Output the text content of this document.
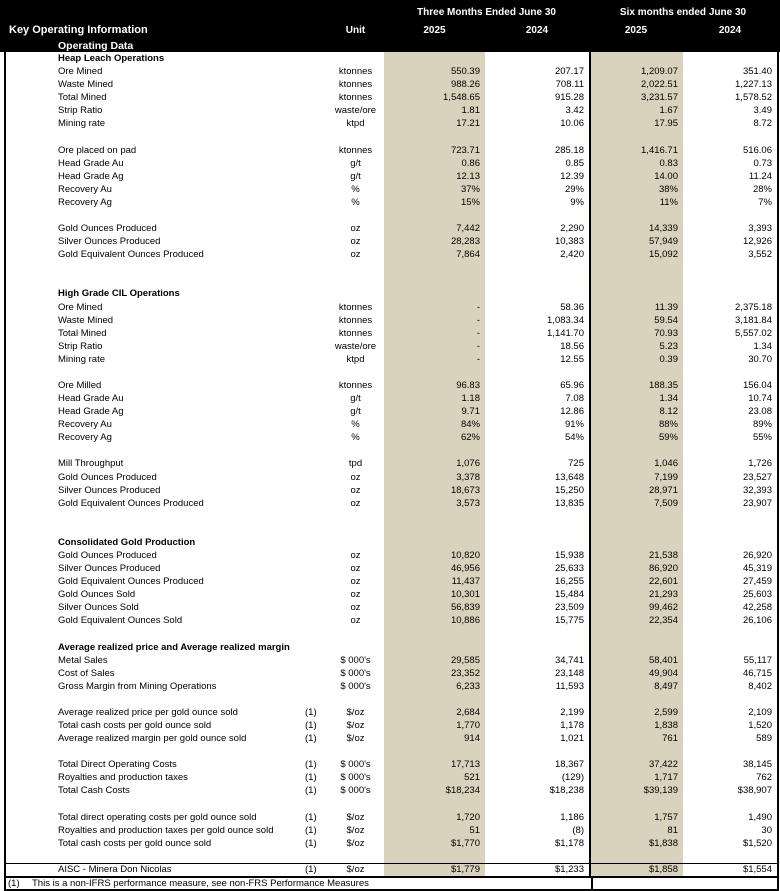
Three Months Ended June 30	Six months ended June 30
Key Operating Information	Unit	2025	2024	2025	2024
Operating Data
Heap Leach Operations
Ore Mined	ktonnes	550.39	207.17	1,209.07	351.40
Waste Mined	ktonnes	988.26	708.11	2,022.51	1,227.13
Total Mined	ktonnes	1,548.65	915.28	3,231.57	1,578.52
Strip Ratio	waste/ore	1.81	3.42	1.67	3.49
Mining rate	ktpd	17.21	10.06	17.95	8.72
Ore placed on pad	ktonnes	723.71	285.18	1,416.71	516.06
Head Grade Au	g/t	0.86	0.85	0.83	0.73
Head Grade Ag	g/t	12.13	12.39	14.00	11.24
Recovery Au	%	37%	29%	38%	28%
Recovery Ag	%	15%	9%	11%	7%
Gold Ounces Produced	oz	7,442	2,290	14,339	3,393
Silver Ounces Produced	oz	28,283	10,383	57,949	12,926
Gold Equivalent Ounces Produced	oz	7,864	2,420	15,092	3,552
High Grade CIL Operations
Ore Mined	ktonnes	-	58.36	11.39	2,375.18
Waste Mined	ktonnes	-	1,083.34	59.54	3,181.84
Total Mined	ktonnes	-	1,141.70	70.93	5,557.02
Strip Ratio	waste/ore	-	18.56	5.23	1.34
Mining rate	ktpd	-	12.55	0.39	30.70
Ore Milled	ktonnes	96.83	65.96	188.35	156.04
Head Grade Au	g/t	1.18	7.08	1.34	10.74
Head Grade Ag	g/t	9.71	12.86	8.12	23.08
Recovery Au	%	84%	91%	88%	89%
Recovery Ag	%	62%	54%	59%	55%
Mill Throughput	tpd	1,076	725	1,046	1,726
Gold Ounces Produced	oz	3,378	13,648	7,199	23,527
Silver Ounces Produced	oz	18,673	15,250	28,971	32,393
Gold Equivalent Ounces Produced	oz	3,573	13,835	7,509	23,907
Consolidated Gold Production
Gold Ounces Produced	oz	10,820	15,938	21,538	26,920
Silver Ounces Produced	oz	46,956	25,633	86,920	45,319
Gold Equivalent Ounces Produced	oz	11,437	16,255	22,601	27,459
Gold Ounces Sold	oz	10,301	15,484	21,293	25,603
Silver Ounces Sold	oz	56,839	23,509	99,462	42,258
Gold Equivalent Ounces Sold	oz	10,886	15,775	22,354	26,106
Average realized price and Average realized margin
Metal Sales	$ 000's	29,585	34,741	58,401	55,117
Cost of Sales	$ 000's	23,352	23,148	49,904	46,715
Gross Margin from Mining Operations	$ 000's	6,233	11,593	8,497	8,402
Average realized price per gold ounce sold	(1)	$/oz	2,684	2,199	2,599	2,109
Total cash costs per gold ounce sold	(1)	$/oz	1,770	1,178	1,838	1,520
Average realized margin per gold ounce sold	(1)	$/oz	914	1,021	761	589
Total Direct Operating Costs	(1)	$ 000's	17,713	18,367	37,422	38,145
Royalties and production taxes	(1)	$ 000's	521	(129)	1,717	762
Total Cash Costs	(1)	$ 000's	$18,234	$18,238	$39,139	$38,907
Total direct operating costs per gold ounce sold	(1)	$/oz	1,720	1,186	1,757	1,490
Royalties and production taxes per gold ounce sold	(1)	$/oz	51	(8)	81	30
Total cash costs per gold ounce sold	(1)	$/oz	$1,770	$1,178	$1,838	$1,520
AISC - Minera Don Nicolas	(1)	$/oz	$1,779	$1,233	$1,858	$1,554
(1)	This is a non-IFRS performance measure, see non-FRS Performance Measures
